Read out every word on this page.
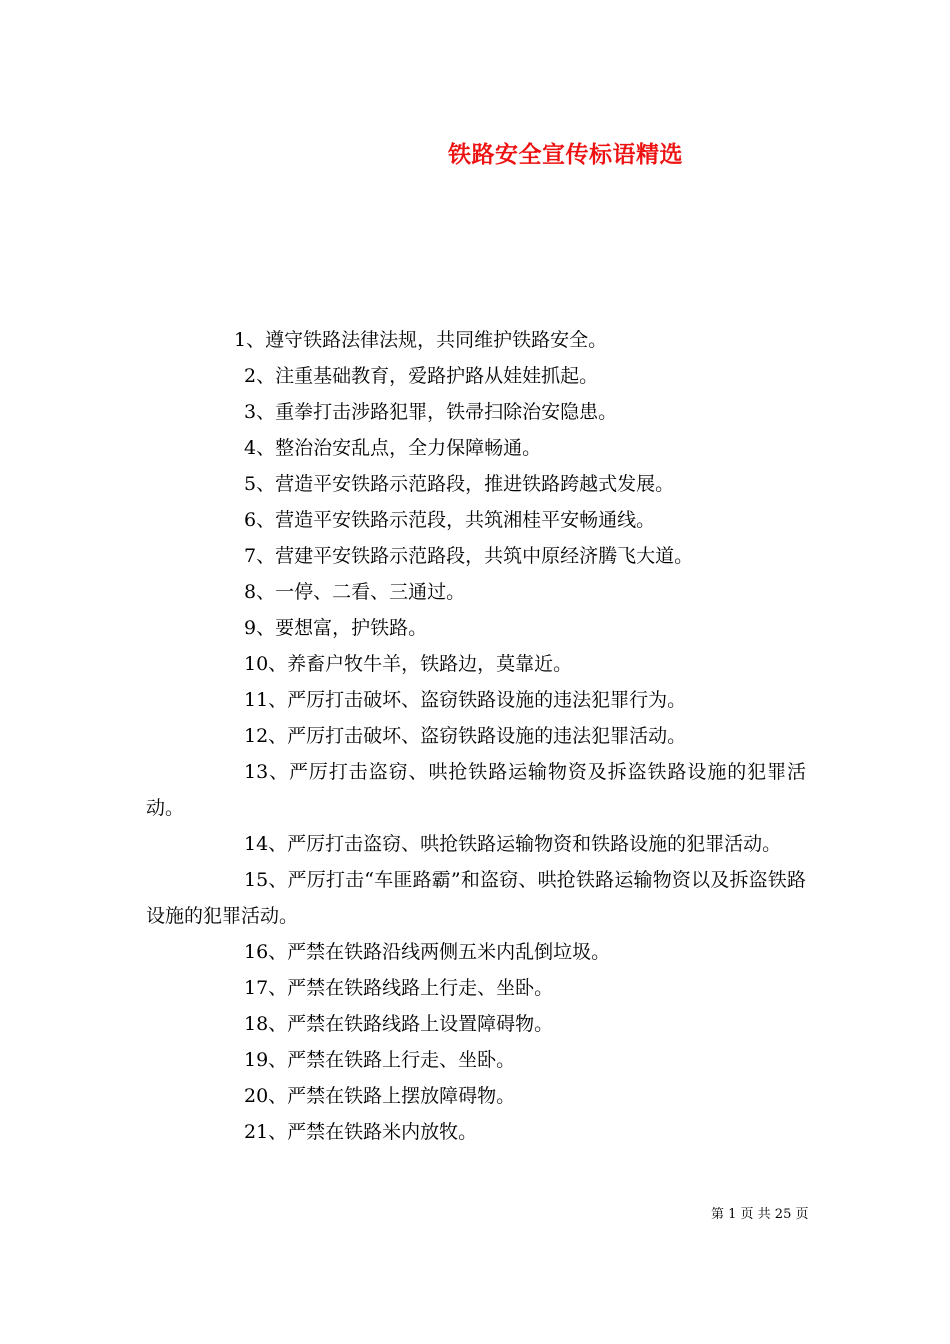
铁路安全宣传标语精选
1、遵守铁路法律法规，共同维护铁路安全。
2、注重基础教育，爱路护路从娃娃抓起。
3、重拳打击涉路犯罪，铁帚扫除治安隐患。
4、整治治安乱点，全力保障畅通。
5、营造平安铁路示范路段，推进铁路跨越式发展。
6、营造平安铁路示范段，共筑湘桂平安畅通线。
7、营建平安铁路示范路段，共筑中原经济腾飞大道。
8、一停、二看、三通过。
9、要想富，护铁路。
10、养畜户牧牛羊，铁路边，莫靠近。
11、严厉打击破坏、盗窃铁路设施的违法犯罪行为。
12、严厉打击破坏、盗窃铁路设施的违法犯罪活动。
13、严厉打击盗窃、哄抢铁路运输物资及拆盗铁路设施的犯罪活动。
14、严厉打击盗窃、哄抢铁路运输物资和铁路设施的犯罪活动。
15、严厉打击“车匪路霸”和盗窃、哄抢铁路运输物资以及拆盗铁路设施的犯罪活动。
16、严禁在铁路沿线两侧五米内乱倒垃圾。
17、严禁在铁路线路上行走、坐卧。
18、严禁在铁路线路上设置障碍物。
19、严禁在铁路上行走、坐卧。
20、严禁在铁路上摆放障碍物。
21、严禁在铁路米内放牧。
第 1 页 共 25 页
